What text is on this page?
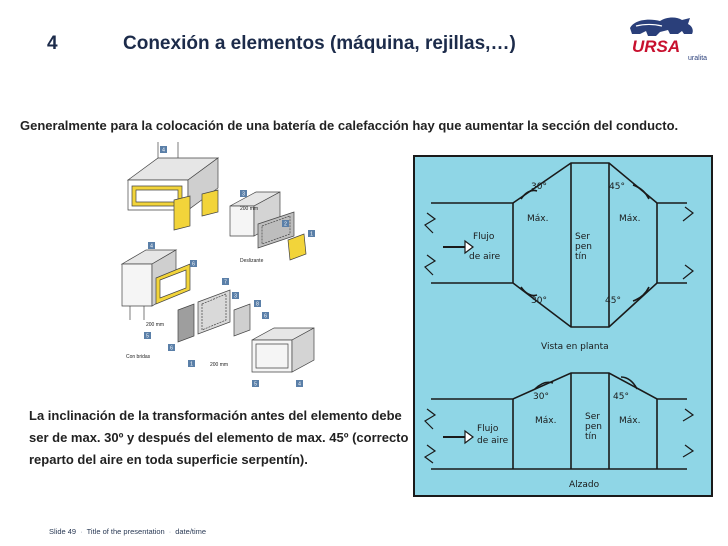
4	Conexión a elementos (máquina, rejillas,…)	URSA
uralita
Generalmente para la colocación de una batería de calefacción hay que aumentar la sección del conducto.
4
3
2
1
4
6
7
3
8
6
5
6
1
5	4
Deslizante
Con bridas
200 mm
200 mm
200 mm
30°	45°
Máx.	Máx.
Flujo
de aire
Ser
pen
tín
30°	45°
Vista en planta
30°	45°
Máx.	Máx.
Flujo
de aire
Ser
pen
tín
Alzado
La inclinación de la transformación antes del elemento debe ser de max. 30º y después del elemento de max. 45º (correcto reparto del aire en toda superficie serpentín).
Slide 49 · Title of the presentation · date/time
